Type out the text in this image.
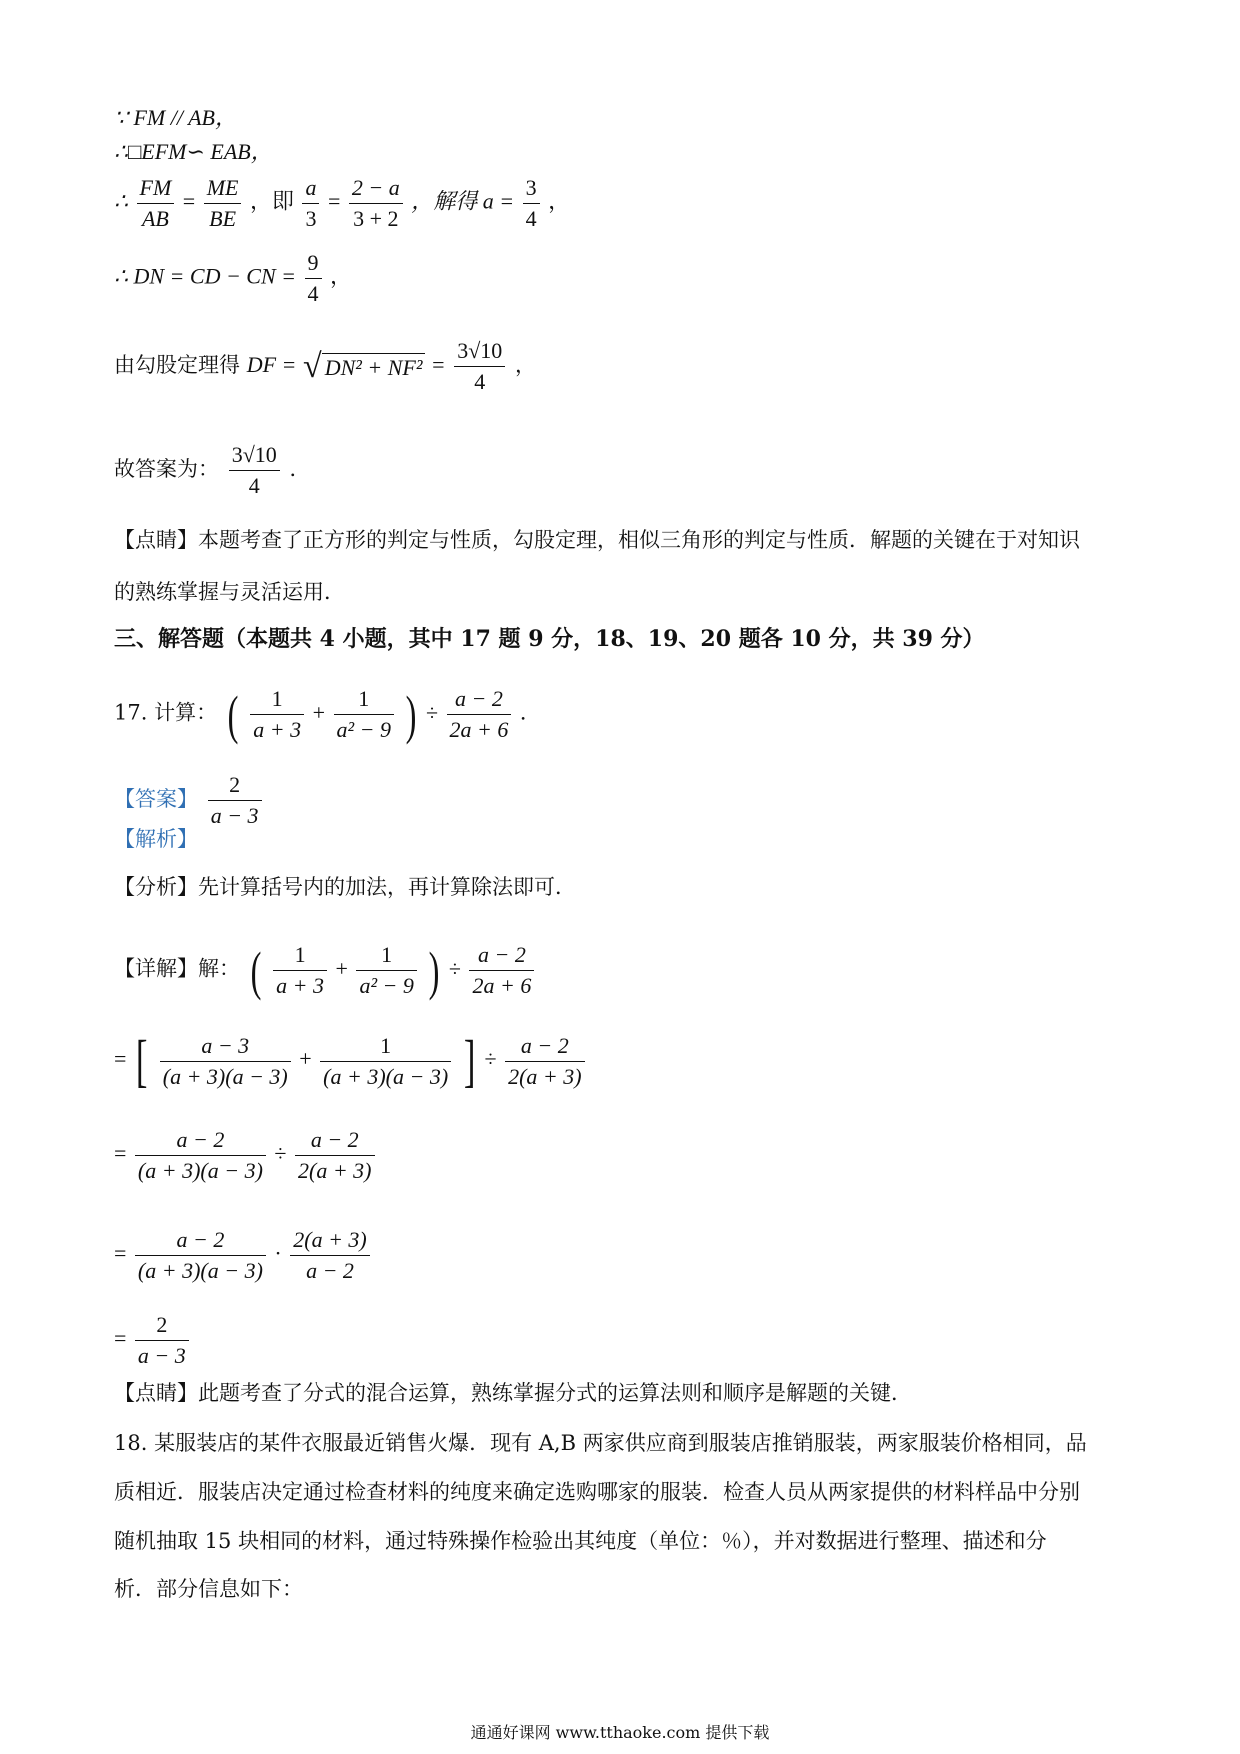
∵ FM // AB，
∴□EFM∽ EAB，
∴ $\frac{FM}{AB} = \frac{ME}{BE}$ ，即 $\frac{a}{3} = \frac{2 - a}{3 + 2}$ ，解得 $a = \frac{3}{4}$ ，
∴ DN = CD − CN = $\frac{9}{4}$ ，
由勾股定理得 DF = √ $DN^2 + NF^2 = \frac{3√10}{4}$ ，
故答案为： $\frac{3√10}{4}$ ．
【点睛】本题考查了正方形的判定与性质，勾股定理，相似三角形的判定与性质．解题的关键在于对知识
的熟练掌握与灵活运用．
三、解答题（本题共 4 小题，其中 17 题 9 分，18、19、20 题各 10 分，共 39 分）
17. 计算： ( $\frac{1}{a + 3} + \frac{1}{\text{a² − 9}}$ ) ÷ $\frac{a - 2}{2a + 6}$ ．
【答案】 $\frac{2}{a - 3}$
【解析】
【分析】先计算括号内的加法，再计算除法即可．
【详解】解： ( $\frac{1}{a + 3} + \frac{1}{\text{a² − 9}}$ ) ÷ $\frac{a - 2}{2a + 6}$
= [ $\frac{a - 3}{(a + 3)(a - 3)} + \frac{1}{(a + 3)(a - 3)}$ ] ÷ $\frac{a - 2}{2(a + 3)}$
= $\frac{a - 2}{(a + 3)(a - 3)} \div \frac{a - 2}{2(a + 3)}$
= $\frac{a - 2}{(a + 3)(a - 3)} \cdot \frac{2(a + 3)}{a - 2}$
= $\frac{2}{a - 3}$
【点睛】此题考查了分式的混合运算，熟练掌握分式的运算法则和顺序是解题的关键．
18. 某服装店的某件衣服最近销售火爆．现有 A,B 两家供应商到服装店推销服装，两家服装价格相同，品
质相近．服装店决定通过检查材料的纯度来确定选购哪家的服装．检查人员从两家提供的材料样品中分别
随机抽取 15 块相同的材料，通过特殊操作检验出其纯度（单位：％），并对数据进行整理、描述和分
析．部分信息如下：
通通好课网 www.tthaoke.com 提供下载
